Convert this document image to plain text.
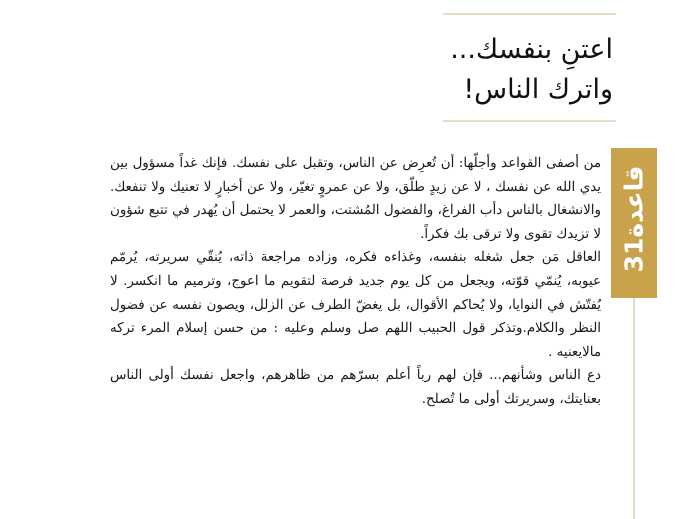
اعتنِ بنفسك...
واترك الناس!
قاعدة31

من أصفى القواعد وأجلّها: أن تُعرِض عن الناس، وتقبل على نفسك. فإنك غداً مسؤول بين يدي الله عن نفسك ، لا عن زيدٍ طلّق، ولا عن عمروٍ تغيّر، ولا عن أخبارٍ لا تعنيك ولا تنفعك. والانشغال بالناس دأب الفراغ، والفضول المُشتت، والعمر لا يحتمل أن يُهدر في تتبع شؤون لا تزيدك تقوى ولا ترقى بك فكراً.

العاقل مَن جعل شغله بنفسه، وغذاءه فكره، وزاده مراجعة ذاته، يُنقّي سريرته، يُرمّم عيوبه، يُنمّي قوّته، ويجعل من كل يوم جديد فرصة لتقويم ما اعوج، وترميم ما انكسر. لا يُفتّش في النوايا، ولا يُحاكم الأقوال، بل يغضّ الطرف عن الزلل، ويصون نفسه عن فضول النظر والكلام.وتذكر قول الحبيب اللهم صل وسلم وعليه : من حسن إسلام المرء تركه مالايعنيه .

دع الناس وشأنهم... فإن لهم رباً أعلم بسرّهم من ظاهرهم، واجعل نفسك أولى الناس بعنايتك، وسريرتك أولى ما تُصلح.
